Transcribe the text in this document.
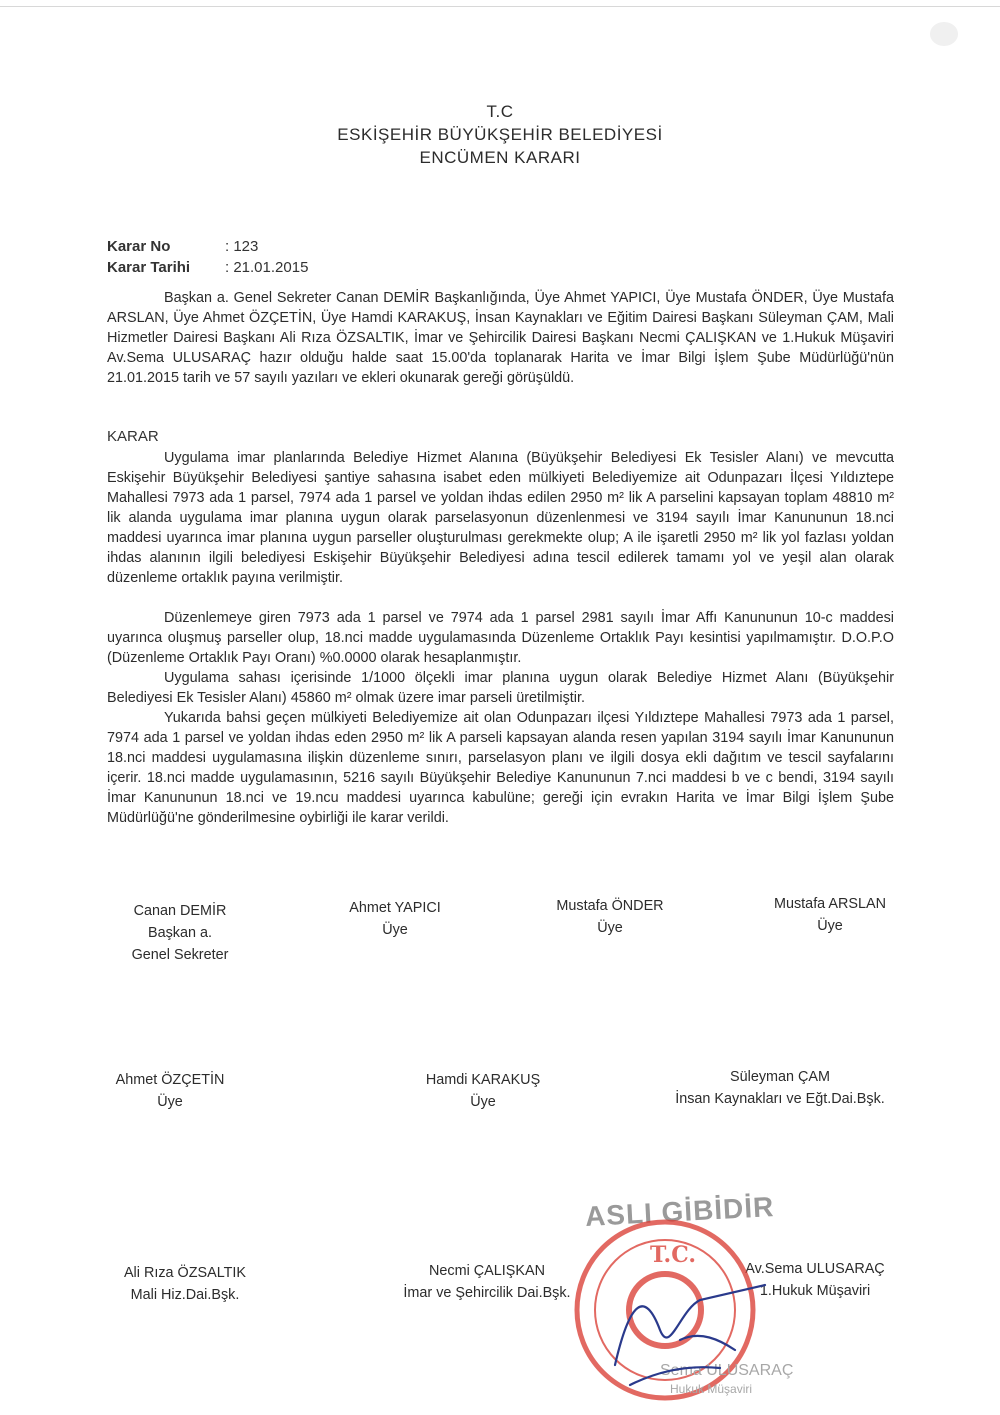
T.C
ESKİŞEHİR BÜYÜKŞEHİR BELEDİYESİ
ENCÜMEN KARARI
Karar No	: 123
Karar Tarihi	: 21.01.2015

Başkan a. Genel Sekreter Canan DEMİR Başkanlığında, Üye Ahmet YAPICI, Üye Mustafa ÖNDER, Üye Mustafa ARSLAN, Üye Ahmet ÖZÇETİN, Üye Hamdi KARAKUŞ, İnsan Kaynakları ve Eğitim Dairesi Başkanı Süleyman ÇAM, Mali Hizmetler Dairesi Başkanı Ali Rıza ÖZSALTIK, İmar ve Şehircilik Dairesi Başkanı Necmi ÇALIŞKAN ve 1.Hukuk Müşaviri Av.Sema ULUSARAÇ hazır olduğu halde saat 15.00'da toplanarak Harita ve İmar Bilgi İşlem Şube Müdürlüğü'nün 21.01.2015 tarih ve 57 sayılı yazıları ve ekleri okunarak gereği görüşüldü.

KARAR

Uygulama imar planlarında Belediye Hizmet Alanına (Büyükşehir Belediyesi Ek Tesisler Alanı) ve mevcutta Eskişehir Büyükşehir Belediyesi şantiye sahasına isabet eden mülkiyeti Belediyemize ait Odunpazarı İlçesi Yıldıztepe Mahallesi 7973 ada 1 parsel, 7974 ada 1 parsel ve yoldan ihdas edilen 2950 m² lik A parselini kapsayan toplam 48810 m² lik alanda uygulama imar planına uygun olarak parselasyonun düzenlenmesi ve 3194 sayılı İmar Kanununun 18.nci maddesi uyarınca imar planına uygun parseller oluşturulması gerekmekte olup; A ile işaretli 2950 m² lik yol fazlası yoldan ihdas alanının ilgili belediyesi Eskişehir Büyükşehir Belediyesi adına tescil edilerek tamamı yol ve yeşil alan olarak düzenleme ortaklık payına verilmiştir.

Düzenlemeye giren 7973 ada 1 parsel ve 7974 ada 1 parsel 2981 sayılı İmar Affı Kanununun 10-c maddesi uyarınca oluşmuş parseller olup, 18.nci madde uygulamasında Düzenleme Ortaklık Payı kesintisi yapılmamıştır. D.O.P.O (Düzenleme Ortaklık Payı Oranı) %0.0000 olarak hesaplanmıştır.

Uygulama sahası içerisinde 1/1000 ölçekli imar planına uygun olarak Belediye Hizmet Alanı (Büyükşehir Belediyesi Ek Tesisler Alanı) 45860 m² olmak üzere imar parseli üretilmiştir.

Yukarıda bahsi geçen mülkiyeti Belediyemize ait olan Odunpazarı ilçesi Yıldıztepe Mahallesi 7973 ada 1 parsel, 7974 ada 1 parsel ve yoldan ihdas eden 2950 m² lik A parseli kapsayan alanda resen yapılan 3194 sayılı İmar Kanununun 18.nci maddesi uygulamasına ilişkin düzenleme sınırı, parselasyon planı ve ilgili dosya ekli dağıtım ve tescil sayfalarını içerir. 18.nci madde uygulamasının, 5216 sayılı Büyükşehir Belediye Kanununun 7.nci maddesi b ve c bendi, 3194 sayılı İmar Kanununun 18.nci ve 19.ncu maddesi uyarınca kabulüne; gereği için evrakın Harita ve İmar Bilgi İşlem Şube Müdürlüğü'ne gönderilmesine oybirliği ile karar verildi.

Canan DEMİR
Başkan a.
Genel Sekreter
Ahmet YAPICI
Üye
Mustafa ÖNDER
Üye
Mustafa ARSLAN
Üye
Ahmet ÖZÇETİN
Üye
Hamdi KARAKUŞ
Üye
Süleyman ÇAM
İnsan Kaynakları ve Eğt.Dai.Bşk.
Ali Rıza ÖZSALTIK
Mali Hiz.Dai.Bşk.
Necmi ÇALIŞKAN
İmar ve Şehircilik Dai.Bşk.
Av.Sema ULUSARAÇ
1.Hukuk Müşaviri
ASLI GİBİDİR
T.C.
Sema ULUSARAÇ
Hukuk Müşaviri
